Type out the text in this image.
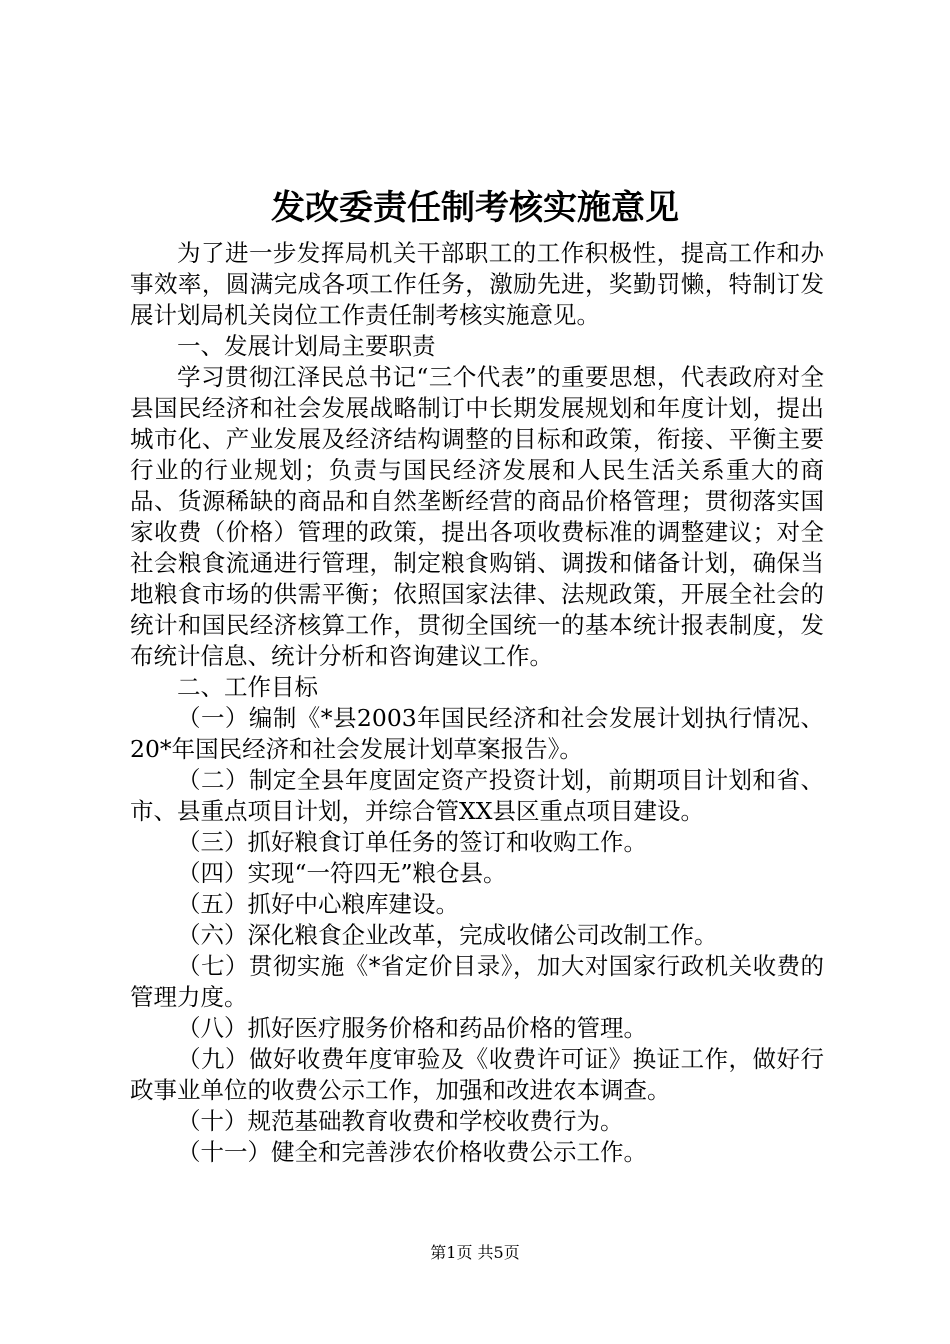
发改委责任制考核实施意见

为了进一步发挥局机关干部职工的工作积极性，提高工作和办事效率，圆满完成各项工作任务，激励先进，奖勤罚懒，特制订发展计划局机关岗位工作责任制考核实施意见。

一、发展计划局主要职责

学习贯彻江泽民总书记“三个代表”的重要思想，代表政府对全县国民经济和社会发展战略制订中长期发展规划和年度计划，提出城市化、产业发展及经济结构调整的目标和政策，衔接、平衡主要行业的行业规划；负责与国民经济发展和人民生活关系重大的商品、货源稀缺的商品和自然垄断经营的商品价格管理；贯彻落实国家收费（价格）管理的政策，提出各项收费标准的调整建议；对全社会粮食流通进行管理，制定粮食购销、调拨和储备计划，确保当地粮食市场的供需平衡；依照国家法律、法规政策，开展全社会的统计和国民经济核算工作，贯彻全国统一的基本统计报表制度，发布统计信息、统计分析和咨询建议工作。

二、工作目标

（一）编制《*县2003年国民经济和社会发展计划执行情况、20*年国民经济和社会发展计划草案报告》。

（二）制定全县年度固定资产投资计划，前期项目计划和省、市、县重点项目计划，并综合管XX县区重点项目建设。

（三）抓好粮食订单任务的签订和收购工作。

（四）实现“一符四无”粮仓县。

（五）抓好中心粮库建设。

（六）深化粮食企业改革，完成收储公司改制工作。

（七）贯彻实施《*省定价目录》，加大对国家行政机关收费的管理力度。

（八）抓好医疗服务价格和药品价格的管理。

（九）做好收费年度审验及《收费许可证》换证工作，做好行政事业单位的收费公示工作，加强和改进农本调查。

（十）规范基础教育收费和学校收费行为。

（十一）健全和完善涉农价格收费公示工作。

第1页 共5页
